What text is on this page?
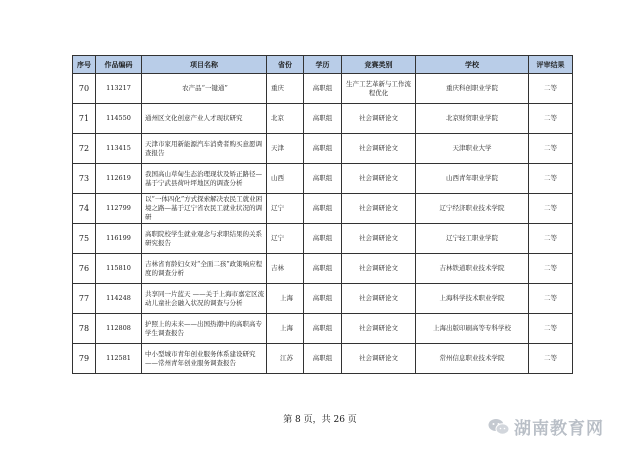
序号	作品编码	项目名称	省份	学历	竞赛类别	学校	评审结果
70	113217	农产品“一键通”	重庆	高职组	生产工艺革新与工作流程优化	重庆科创职业学院	二等
71	114550	通州区文化创意产业人才现状研究	北京	高职组	社会调研论文	北京财贸职业学院	二等
72	113415	天津市家用新能源汽车消费者购买意愿调查报告	天津	高职组	社会调研论文	天津职业大学	二等
73	112619	我国高山草甸生态治理现状及矫正路径—基于宁武县荷叶坪地区的调查分析	山西	高职组	社会调研论文	山西青年职业学院	二等
74	112799	以“一体四化”方式探索解决农民工就业困境之路—基于辽宁省农民工就业状况的调研	辽宁	高职组	社会调研论文	辽宁经济职业技术学院	二等
75	116199	高职院校学生就业观念与求职结果的关系研究报告	辽宁	高职组	社会调研论文	辽宁轻工职业学院	二等
76	115810	吉林省育龄妇女对“全面二孩”政策响应程度的调查分析	吉林	高职组	社会调研论文	吉林铁道职业技术学院	二等
77	114248	共享同一片蓝天 ——关于上海市嘉定区流动儿童社会融入状况的调查与分析	上海	高职组	社会调研论文	上海科学技术职业学院	二等
78	112808	护照上的未来——出国热潮中的高职高专学生调查报告	上海	高职组	社会调研论文	上海出版印刷高等专科学校	二等
79	112581	中小型城市青年创业服务体系建设研究——常州青年创业服务调查报告	江苏	高职组	社会调研论文	常州信息职业技术学院	二等
第 8 页，共 26 页	湖南教育网
